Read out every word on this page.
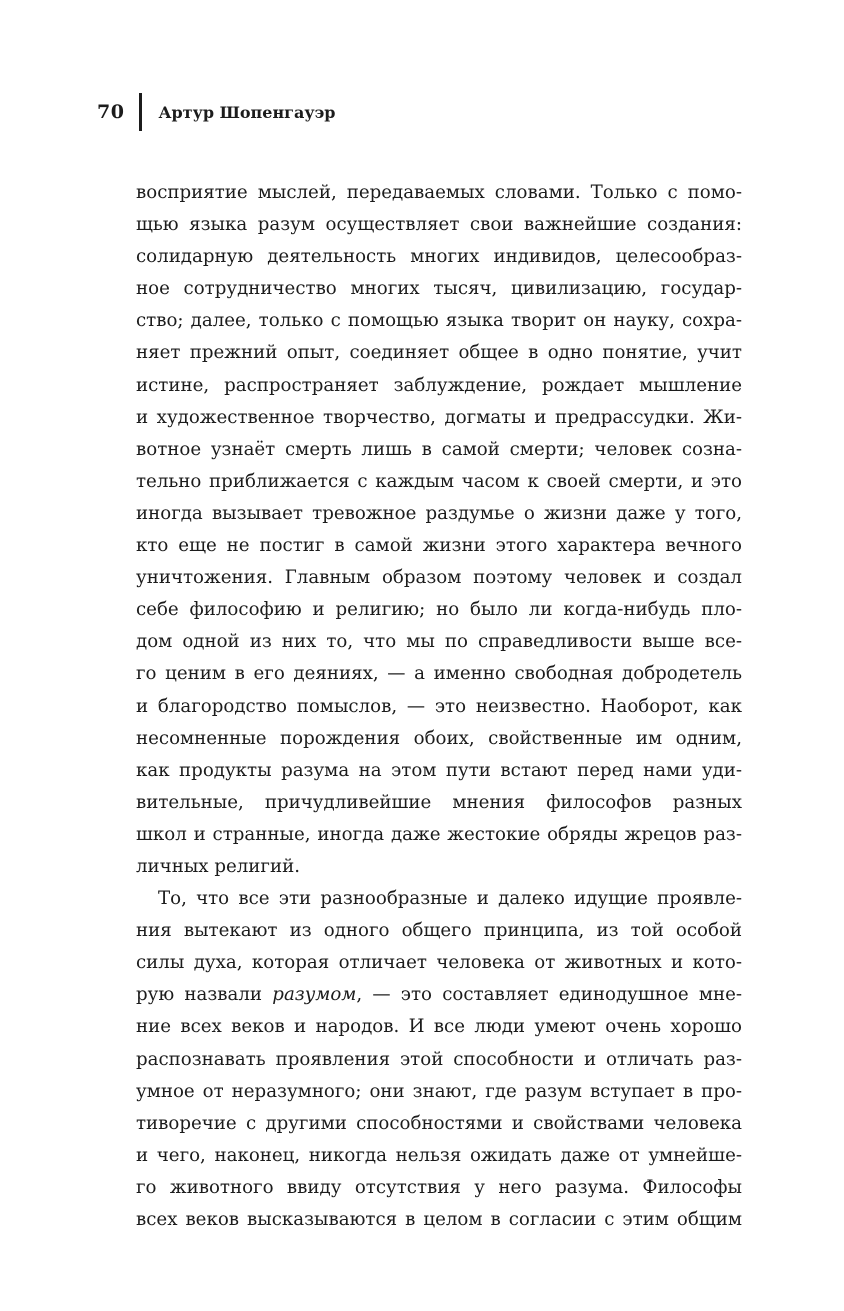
70 Артур Шопенгауэр
восприятие мыслей, передаваемых словами. Только с помо-
щью языка разум осуществляет свои важнейшие создания:
солидарную деятельность многих индивидов, целесообраз-
ное сотрудничество многих тысяч, цивилизацию, государ-
ство; далее, только с помощью языка творит он науку, сохра-
няет прежний опыт, соединяет общее в одно понятие, учит
истине, распространяет заблуждение, рождает мышление
и художественное творчество, догматы и предрассудки. Жи-
вотное узнаёт смерть лишь в самой смерти; человек созна-
тельно приближается с каждым часом к своей смерти, и это
иногда вызывает тревожное раздумье о жизни даже у того,
кто еще не постиг в самой жизни этого характера вечного
уничтожения. Главным образом поэтому человек и создал
себе философию и религию; но было ли когда-нибудь пло-
дом одной из них то, что мы по справедливости выше все-
го ценим в его деяниях, — а именно свободная добродетель
и благородство помыслов, — это неизвестно. Наоборот, как
несомненные порождения обоих, свойственные им одним,
как продукты разума на этом пути встают перед нами уди-
вительные, причудливейшие мнения философов разных
школ и странные, иногда даже жестокие обряды жрецов раз-
личных религий.
То, что все эти разнообразные и далеко идущие проявле-
ния вытекают из одного общего принципа, из той особой
силы духа, которая отличает человека от животных и кото-
рую назвали разумом, — это составляет единодушное мне-
ние всех веков и народов. И все люди умеют очень хорошо
распознавать проявления этой способности и отличать раз-
умное от неразумного; они знают, где разум вступает в про-
тиворечие с другими способностями и свойствами человека
и чего, наконец, никогда нельзя ожидать даже от умнейше-
го животного ввиду отсутствия у него разума. Философы
всех веков высказываются в целом в согласии с этим общим
